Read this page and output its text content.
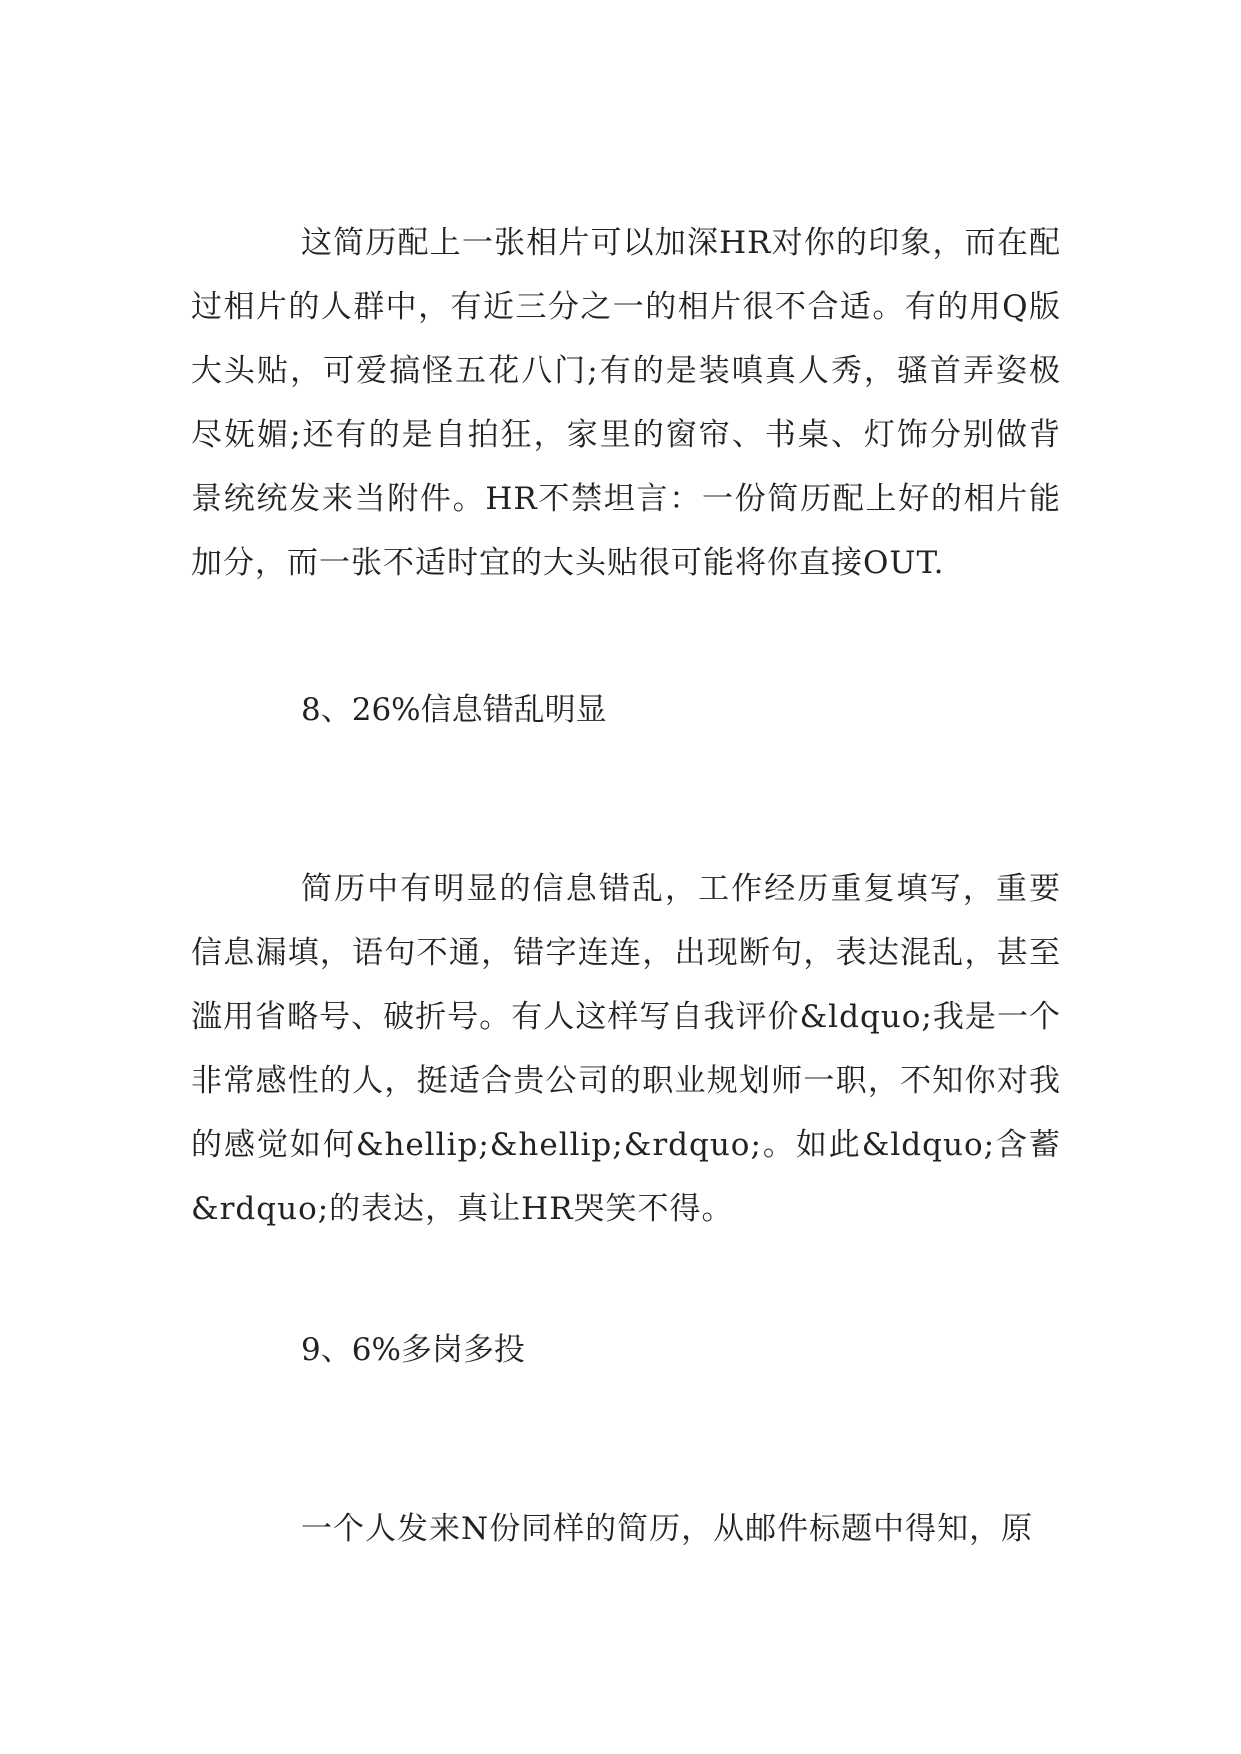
这简历配上一张相片可以加深HR对你的印象，而在配过相片的人群中，有近三分之一的相片很不合适。有的用Q版大头贴，可爱搞怪五花八门;有的是装嗔真人秀，骚首弄姿极尽妩媚;还有的是自拍狂，家里的窗帘、书桌、灯饰分别做背景统统发来当附件。HR不禁坦言：一份简历配上好的相片能加分，而一张不适时宜的大头贴很可能将你直接OUT.

8、26%信息错乱明显

简历中有明显的信息错乱，工作经历重复填写，重要信息漏填，语句不通，错字连连，出现断句，表达混乱，甚至滥用省略号、破折号。有人这样写自我评价&ldquo;我是一个非常感性的人，挺适合贵公司的职业规划师一职，不知你对我的感觉如何&hellip;&hellip;&rdquo;。如此&ldquo;含蓄&rdquo;的表达，真让HR哭笑不得。

9、6%多岗多投

一个人发来N份同样的简历，从邮件标题中得知，原
